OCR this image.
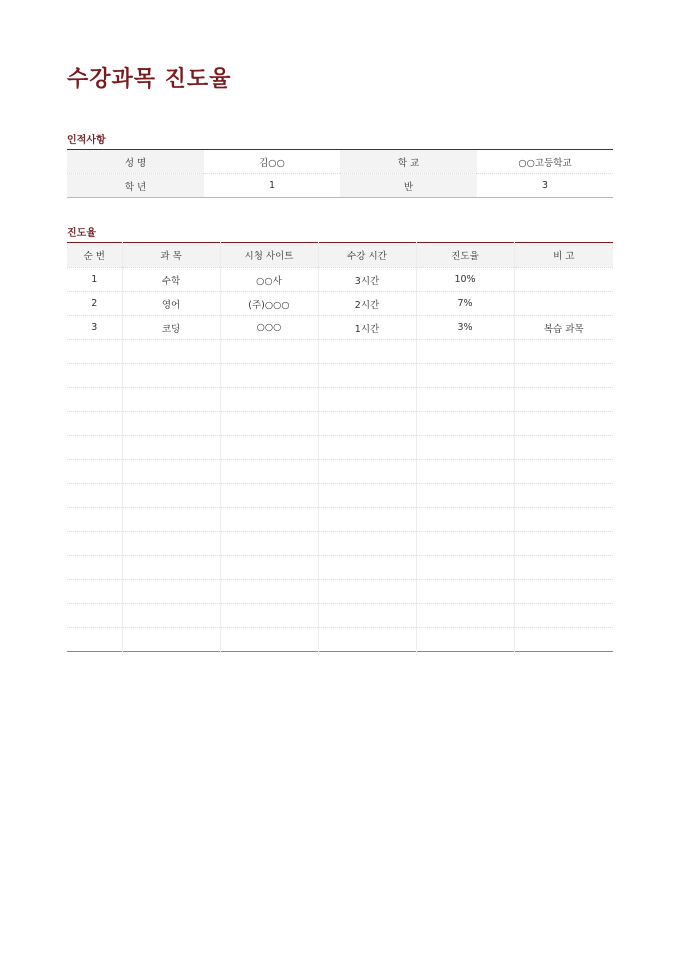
수강과목 진도율
인적사항
성 명	김○○	학 교	○○고등학교
학 년	1	반	3
진도율
순 번	과 목	시청 사이트	수강 시간	진도율	비 고
1	수학	○○사	3시간	10%	
2	영어	(주)○○○	2시간	7%	
3	코딩	○○○	1시간	3%	복습 과목
